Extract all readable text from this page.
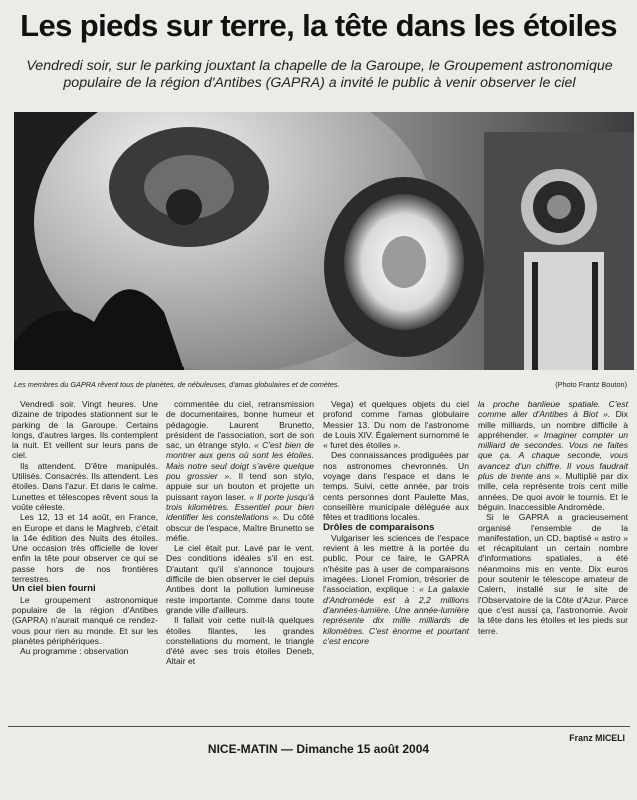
Les pieds sur terre, la tête dans les étoiles
Vendredi soir, sur le parking jouxtant la chapelle de la Garoupe, le Groupement astronomique populaire de la région d'Antibes (GAPRA) a invité le public à venir observer le ciel
Les membres du GAPRA rêvent tous de planètes, de nébuleuses, d'amas globulaires et de comètes.	(Photo Frantz Bouton)

Vendredi soir. Vingt heures. Une dizaine de tripodes stationnent sur le parking de la Garoupe. Certains longs, d'autres larges. Ils contemplent la nuit. Et veillent sur leurs pans de ciel.

Ils attendent. D'être manipulés. Utilisés. Consacrés. Ils attendent. Les étoiles. Dans l'azur. Et dans le calme. Lunettes et télescopes rêvent sous la voûte céleste.

Les 12, 13 et 14 août, en France, en Europe et dans le Maghreb, c'était la 14e édition des Nuits des étoiles. Une occasion très officielle de lover enfin la tête pour observer ce qui se passe hors de nos frontières terrestres.

Un ciel bien fourni

Le groupement astronomique populaire de la région d'Antibes (GAPRA) n'aurait manqué ce rendez-vous pour rien au monde. Et sur les planètes périphériques.

Au programme : observation

commentée du ciel, retransmission de documentaires, bonne humeur et pédagogie. Laurent Brunetto, président de l'association, sort de son sac, un étrange stylo. « C'est bien de montrer aux gens où sont les étoiles. Mais notre seul doigt s'avère quelque pou grossier ». Il tend son stylo, appuie sur un bouton et projette un puissant rayon laser. « Il porte jusqu'à trois kilomètres. Essentiel pour bien identifier les constellations ». Du côté obscur de l'espace, Maître Brunetto se méfie.

Le ciel était pur. Lavé par le vent. Des conditions idéales s'il en est. D'autant qu'il s'annonce toujours difficile de bien observer le ciel depuis Antibes dont la pollution lumineuse reste importante. Comme dans toute grande ville d'ailleurs.

Il fallait voir cette nuit-là quelques étoiles filantes, les grandes constellations du moment, le triangle d'été avec ses trois étoiles Deneb, Altair et

Vega) et quelques objets du ciel profond comme l'amas globulaire Messier 13. Du nom de l'astronome de Louis XIV. Également surnommé le « furet des étoiles ».

Des connaissances prodiguées par nos astronomes chevronnés. Un voyage dans l'espace et dans le temps. Suivi, cette année, par trois cents personnes dont Paulette Mas, conseillère municipale déléguée aux fêtes et traditions locales.

Drôles de comparaisons

Vulgariser les sciences de l'espace revient à les mettre à la portée du public. Pour ce faire, le GAPRA n'hésite pas à user de comparaisons imagées. Lionel Fromion, trésorier de l'association, explique : « La galaxie d'Andromède est à 2,2 millions d'années-lumière. Une année-lumière représente dix mille milliards de kilomètres. C'est énorme et pourtant c'est encore

la proche banlieue spatiale. C'est comme aller d'Antibes à Biot ». Dix mille milliards, un nombre difficile à appréhender. « Imaginer compter un milliard de secondes. Vous ne faites que ça. A chaque seconde, vous avancez d'un chiffre. Il vous faudrait plus de trente ans ». Multiplié par dix mille, cela représente trois cent mille années. De quoi avoir le tournis. Et le béguin. Inaccessible Andromède.

Si le GAPRA a gracieusement organisé l'ensemble de la manifestation, un CD, baptisé « astro » et récapitulant un certain nombre d'informations spatiales, a été néanmoins mis en vente. Dix euros pour soutenir le télescope amateur de Calern, installé sur le site de l'Observatoire de la Côte d'Azur. Parce que c'est aussi ça, l'astronomie. Avoir la tête dans les étoiles et les pieds sur terre.

Franz MICELI
NICE-MATIN — Dimanche 15 août 2004
